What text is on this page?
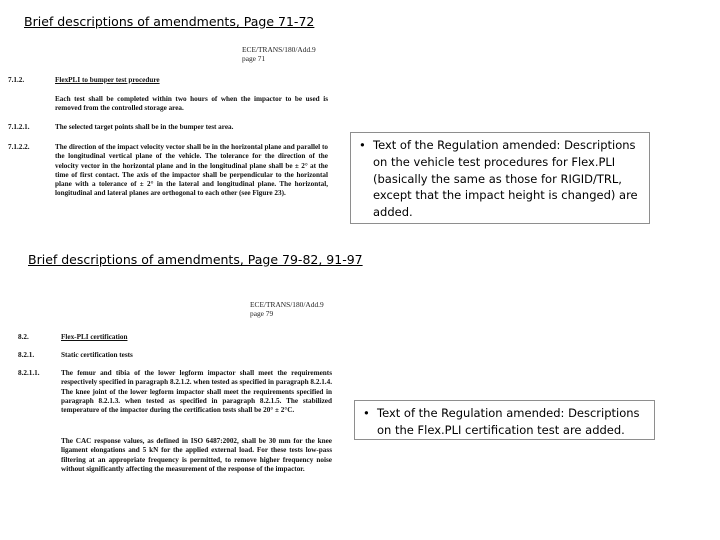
Brief descriptions of amendments, Page 71-72
ECE/TRANS/180/Add.9
page 71
7.1.2.	FlexPLI to bumper test procedure
Each test shall be completed within two hours of when the impactor to be used is removed from the controlled storage area.
7.1.2.1.	The selected target points shall be in the bumper test area.
7.1.2.2.	The direction of the impact velocity vector shall be in the horizontal plane and parallel to the longitudinal vertical plane of the vehicle. The tolerance for the direction of the velocity vector in the horizontal plane and in the longitudinal plane shall be ± 2° at the time of first contact. The axis of the impactor shall be perpendicular to the horizontal plane with a tolerance of ± 2° in the lateral and longitudinal plane. The horizontal, longitudinal and lateral planes are orthogonal to each other (see Figure 23).
• Text of the Regulation amended: Descriptions on the vehicle test procedures for Flex.PLI (basically the same as those for RIGID/TRL, except that the impact height is changed) are added.
Brief descriptions of amendments, Page 79-82, 91-97
ECE/TRANS/180/Add.9
page 79
8.2.	Flex-PLI certification
8.2.1.	Static certification tests
8.2.1.1.	The femur and tibia of the lower legform impactor shall meet the requirements respectively specified in paragraph 8.2.1.2. when tested as specified in paragraph 8.2.1.4. The knee joint of the lower legform impactor shall meet the requirements specified in paragraph 8.2.1.3. when tested as specified in paragraph 8.2.1.5. The stabilized temperature of the impactor during the certification tests shall be 20° ± 2°C.
The CAC response values, as defined in ISO 6487:2002, shall be 30 mm for the knee ligament elongations and 5 kN for the applied external load. For these tests low-pass filtering at an appropriate frequency is permitted, to remove higher frequency noise without significantly affecting the measurement of the response of the impactor.
• Text of the Regulation amended: Descriptions on the Flex.PLI certification test are added.
